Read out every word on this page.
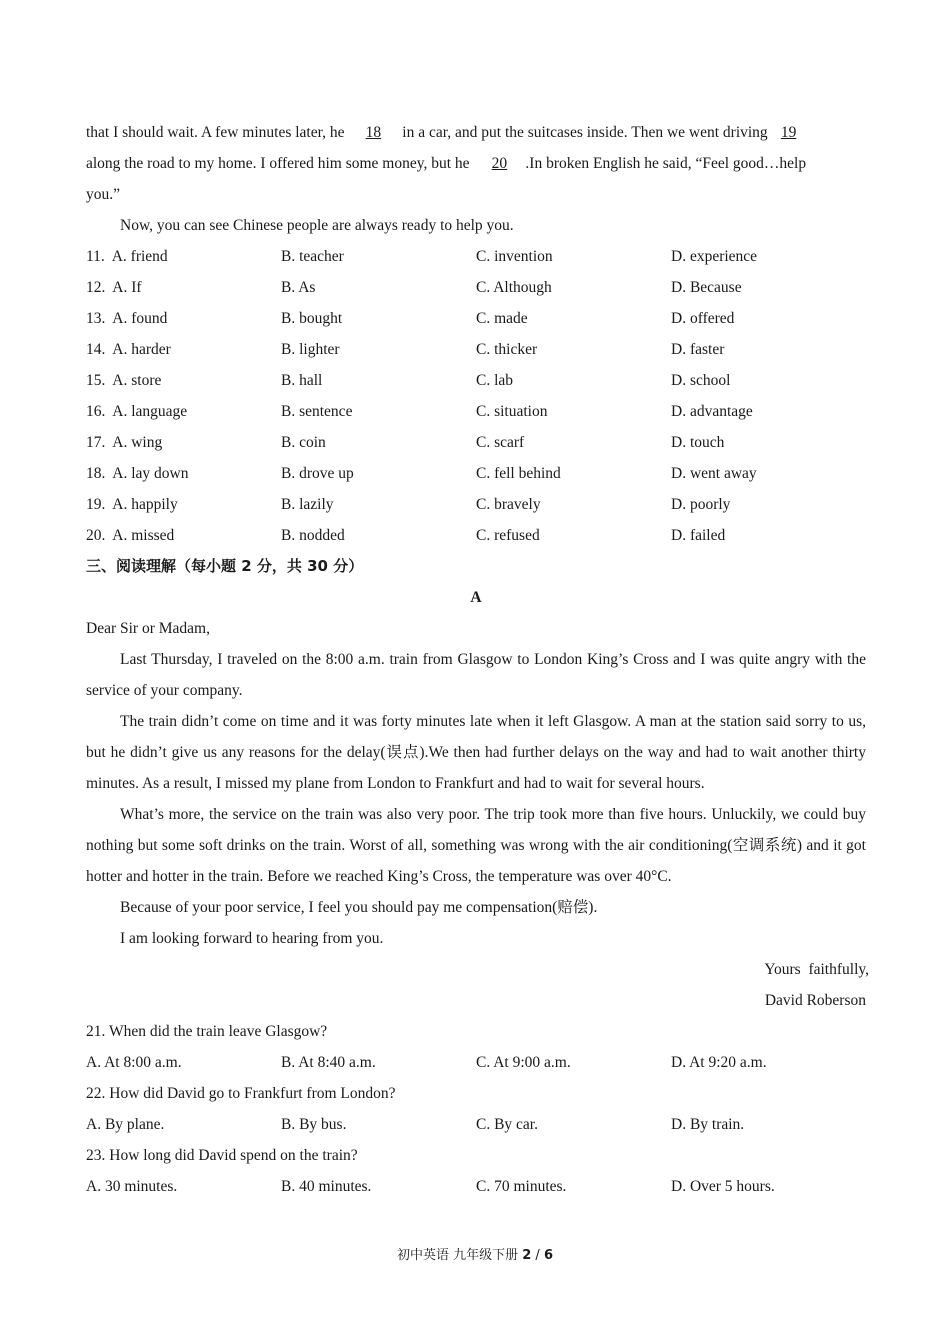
that I should wait. A few minutes later, he 18 in a car, and put the suitcases inside. Then we went driving 19
along the road to my home. I offered him some money, but he 20 .In broken English he said, “Feel good…help
you.”
Now, you can see Chinese people are always ready to help you.
11. A. friend	B. teacher	C. invention	D. experience
12. A. If	B. As	C. Although	D. Because
13. A. found	B. bought	C. made	D. offered
14. A. harder	B. lighter	C. thicker	D. faster
15. A. store	B. hall	C. lab	D. school
16. A. language	B. sentence	C. situation	D. advantage
17. A. wing	B. coin	C. scarf	D. touch
18. A. lay down	B. drove up	C. fell behind	D. went away
19. A. happily	B. lazily	C. bravely	D. poorly
20. A. missed	B. nodded	C. refused	D. failed
三、阅读理解（每小题 2 分，共 30 分）
A
Dear Sir or Madam,
Last Thursday, I traveled on the 8:00 a.m. train from Glasgow to London King’s Cross and I was quite angry with the service of your company.
The train didn’t come on time and it was forty minutes late when it left Glasgow. A man at the station said sorry to us, but he didn’t give us any reasons for the delay(误点).We then had further delays on the way and had to wait another thirty minutes. As a result, I missed my plane from London to Frankfurt and had to wait for several hours.
What’s more, the service on the train was also very poor. The trip took more than five hours. Unluckily, we could buy nothing but some soft drinks on the train. Worst of all, something was wrong with the air conditioning(空调系统) and it got hotter and hotter in the train. Before we reached King’s Cross, the temperature was over 40°C.
Because of your poor service, I feel you should pay me compensation(赔偿).
I am looking forward to hearing from you.
Yours  faithfully,
David Roberson
21. When did the train leave Glasgow?
A. At 8:00 a.m.	B. At 8:40 a.m.	C. At 9:00 a.m.	D. At 9:20 a.m.
22. How did David go to Frankfurt from London?
A. By plane.	B. By bus.	C. By car.	D. By train.
23. How long did David spend on the train?
A. 30 minutes.	B. 40 minutes.	C. 70 minutes.	D. Over 5 hours.
初中英语 九年级下册 2 / 6
